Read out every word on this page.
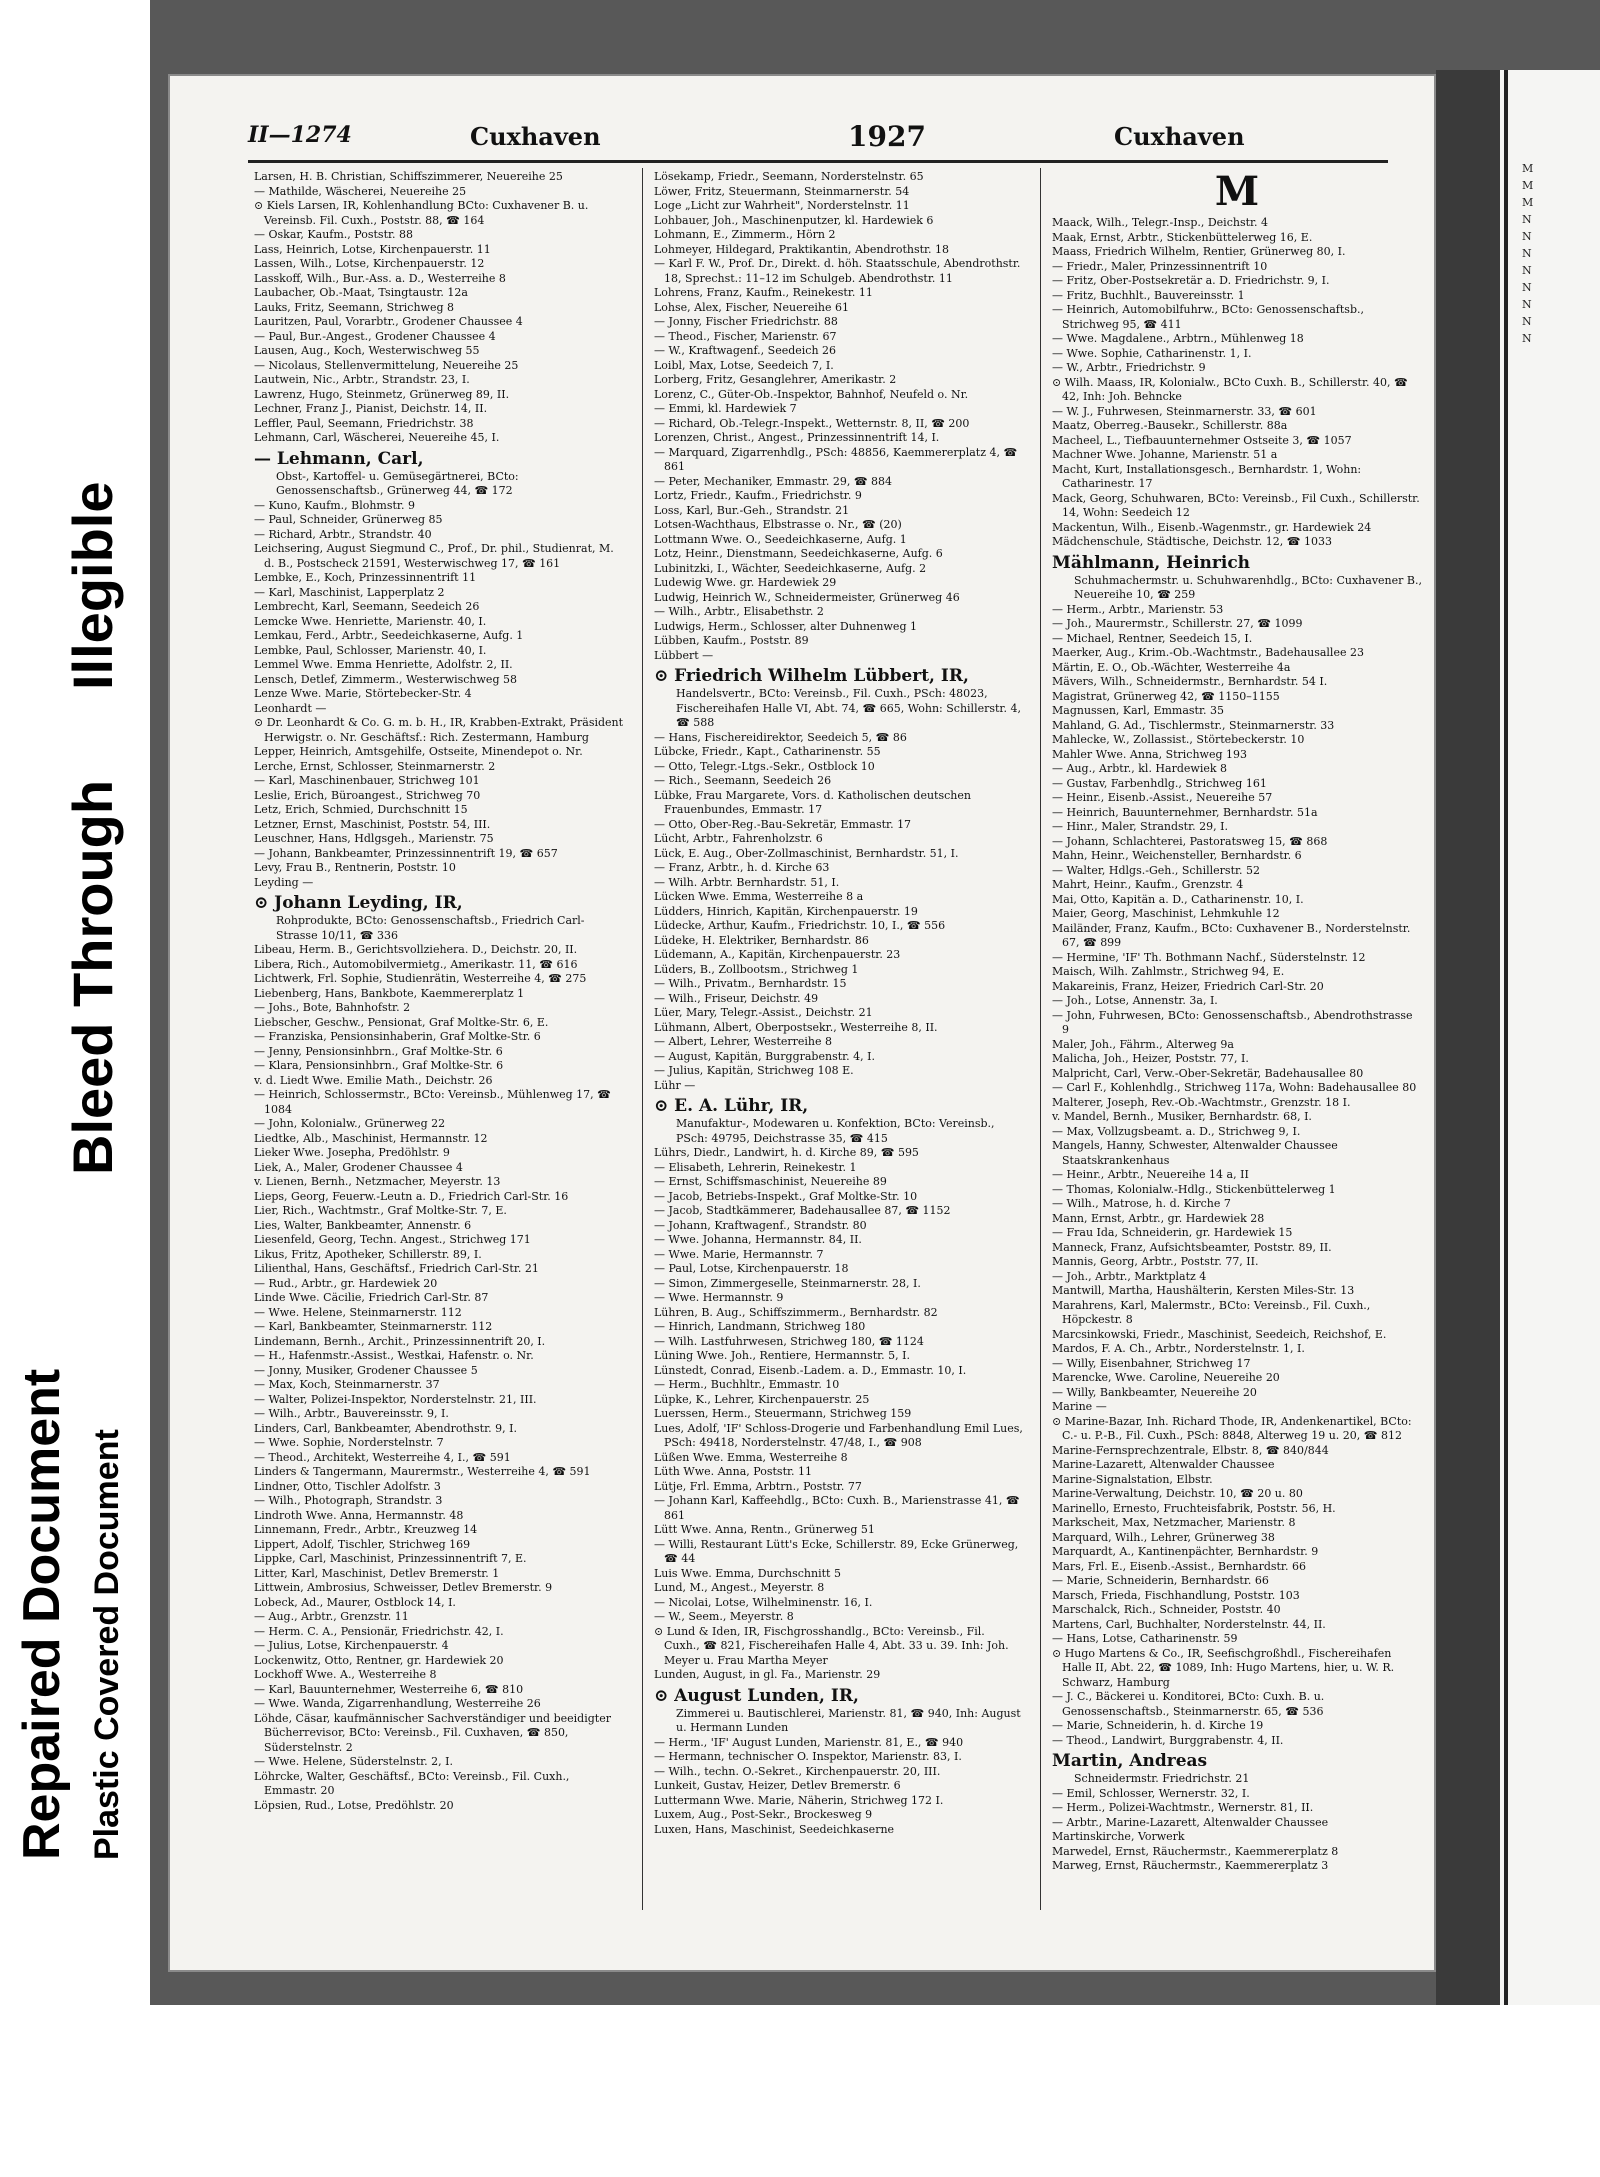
Repaired Document Plastic Covered Document
Bleed Through
Illegible
M
M
M
N
N
N
N
N
N
N
N
II—1274	Cuxhaven	1927	Cuxhaven

Larsen, H. B. Christian, Schiffszimmerer, Neuereihe 25

— Mathilde, Wäscherei, Neuereihe 25

⊙ Kiels Larsen, IR, Kohlenhandlung BCto: Cuxhavener B. u. Vereinsb. Fil. Cuxh., Poststr. 88, ☎ 164

— Oskar, Kaufm., Poststr. 88

Lass, Heinrich, Lotse, Kirchenpauerstr. 11

Lassen, Wilh., Lotse, Kirchenpauerstr. 12

Lasskoff, Wilh., Bur.-Ass. a. D., Westerreihe 8

Laubacher, Ob.-Maat, Tsingtaustr. 12a

Lauks, Fritz, Seemann, Strichweg 8

Lauritzen, Paul, Vorarbtr., Grodener Chaussee 4

— Paul, Bur.-Angest., Grodener Chaussee 4

Lausen, Aug., Koch, Westerwischweg 55

— Nicolaus, Stellenvermittelung, Neuereihe 25

Lautwein, Nic., Arbtr., Strandstr. 23, I.

Lawrenz, Hugo, Steinmetz, Grünerweg 89, II.

Lechner, Franz J., Pianist, Deichstr. 14, II.

Leffler, Paul, Seemann, Friedrichstr. 38

Lehmann, Carl, Wäscherei, Neuereihe 45, I.

— Lehmann, Carl,

Obst-, Kartoffel- u. Gemüsegärtnerei, BCto: Genossenschaftsb., Grünerweg 44, ☎ 172

— Kuno, Kaufm., Blohmstr. 9

— Paul, Schneider, Grünerweg 85

— Richard, Arbtr., Strandstr. 40

Leichsering, August Siegmund C., Prof., Dr. phil., Studienrat, M. d. B., Postscheck 21591, Westerwischweg 17, ☎ 161

Lembke, E., Koch, Prinzessinnentrift 11

— Karl, Maschinist, Lapperplatz 2

Lembrecht, Karl, Seemann, Seedeich 26

Lemcke Wwe. Henriette, Marienstr. 40, I.

Lemkau, Ferd., Arbtr., Seedeichkaserne, Aufg. 1

Lembke, Paul, Schlosser, Marienstr. 40, I.

Lemmel Wwe. Emma Henriette, Adolfstr. 2, II.

Lensch, Detlef, Zimmerm., Westerwischweg 58

Lenze Wwe. Marie, Störtebecker-Str. 4

Leonhardt —

⊙ Dr. Leonhardt & Co. G. m. b. H., IR, Krabben-Extrakt, Präsident Herwigstr. o. Nr. Geschäftsf.: Rich. Zestermann, Hamburg

Lepper, Heinrich, Amtsgehilfe, Ostseite, Minendepot o. Nr.

Lerche, Ernst, Schlosser, Steinmarnerstr. 2

— Karl, Maschinenbauer, Strichweg 101

Leslie, Erich, Büroangest., Strichweg 70

Letz, Erich, Schmied, Durchschnitt 15

Letzner, Ernst, Maschinist, Poststr. 54, III.

Leuschner, Hans, Hdlgsgeh., Marienstr. 75

— Johann, Bankbeamter, Prinzessinnentrift 19, ☎ 657

Levy, Frau B., Rentnerin, Poststr. 10

Leyding —

⊙ Johann Leyding, IR,

Rohprodukte, BCto: Genossenschaftsb., Friedrich Carl-Strasse 10/11, ☎ 336

Libeau, Herm. B., Gerichtsvollziehera. D., Deichstr. 20, II.

Libera, Rich., Automobilvermietg., Amerikastr. 11, ☎ 616

Lichtwerk, Frl. Sophie, Studienrätin, Westerreihe 4, ☎ 275

Liebenberg, Hans, Bankbote, Kaemmererplatz 1

— Johs., Bote, Bahnhofstr. 2

Liebscher, Geschw., Pensionat, Graf Moltke-Str. 6, E.

— Franziska, Pensionsinhaberin, Graf Moltke-Str. 6

— Jenny, Pensionsinhbrn., Graf Moltke-Str. 6

— Klara, Pensionsinhbrn., Graf Moltke-Str. 6

v. d. Liedt Wwe. Emilie Math., Deichstr. 26

— Heinrich, Schlossermstr., BCto: Vereinsb., Mühlenweg 17, ☎ 1084

— John, Kolonialw., Grünerweg 22

Liedtke, Alb., Maschinist, Hermannstr. 12

Lieker Wwe. Josepha, Predöhlstr. 9

Liek, A., Maler, Grodener Chaussee 4

v. Lienen, Bernh., Netzmacher, Meyerstr. 13

Lieps, Georg, Feuerw.-Leutn a. D., Friedrich Carl-Str. 16

Lier, Rich., Wachtmstr., Graf Moltke-Str. 7, E.

Lies, Walter, Bankbeamter, Annenstr. 6

Liesenfeld, Georg, Techn. Angest., Strichweg 171

Likus, Fritz, Apotheker, Schillerstr. 89, I.

Lilienthal, Hans, Geschäftsf., Friedrich Carl-Str. 21

— Rud., Arbtr., gr. Hardewiek 20

Linde Wwe. Cäcilie, Friedrich Carl-Str. 87

— Wwe. Helene, Steinmarnerstr. 112

— Karl, Bankbeamter, Steinmarnerstr. 112

Lindemann, Bernh., Archit., Prinzessinnentrift 20, I.

— H., Hafenmstr.-Assist., Westkai, Hafenstr. o. Nr.

— Jonny, Musiker, Grodener Chaussee 5

— Max, Koch, Steinmarnerstr. 37

— Walter, Polizei-Inspektor, Norderstelnstr. 21, III.

— Wilh., Arbtr., Bauvereinsstr. 9, I.

Linders, Carl, Bankbeamter, Abendrothstr. 9, I.

— Wwe. Sophie, Norderstelnstr. 7

— Theod., Architekt, Westerreihe 4, I., ☎ 591

Linders & Tangermann, Maurermstr., Westerreihe 4, ☎ 591

Lindner, Otto, Tischler Adolfstr. 3

— Wilh., Photograph, Strandstr. 3

Lindroth Wwe. Anna, Hermannstr. 48

Linnemann, Fredr., Arbtr., Kreuzweg 14

Lippert, Adolf, Tischler, Strichweg 169

Lippke, Carl, Maschinist, Prinzessinnentrift 7, E.

Litter, Karl, Maschinist, Detlev Bremerstr. 1

Littwein, Ambrosius, Schweisser, Detlev Bremerstr. 9

Lobeck, Ad., Maurer, Ostblock 14, I.

— Aug., Arbtr., Grenzstr. 11

— Herm. C. A., Pensionär, Friedrichstr. 42, I.

— Julius, Lotse, Kirchenpauerstr. 4

Lockenwitz, Otto, Rentner, gr. Hardewiek 20

Lockhoff Wwe. A., Westerreihe 8

— Karl, Bauunternehmer, Westerreihe 6, ☎ 810

— Wwe. Wanda, Zigarrenhandlung, Westerreihe 26

Löhde, Cäsar, kaufmännischer Sachverständiger und beeidigter Bücherrevisor, BCto: Vereinsb., Fil. Cuxhaven, ☎ 850, Süderstelnstr. 2

— Wwe. Helene, Süderstelnstr. 2, I.

Löhrcke, Walter, Geschäftsf., BCto: Vereinsb., Fil. Cuxh., Emmastr. 20

Löpsien, Rud., Lotse, Predöhlstr. 20

Lösekamp, Friedr., Seemann, Norderstelnstr. 65

Löwer, Fritz, Steuermann, Steinmarnerstr. 54

Loge „Licht zur Wahrheit", Norderstelnstr. 11

Lohbauer, Joh., Maschinenputzer, kl. Hardewiek 6

Lohmann, E., Zimmerm., Hörn 2

Lohmeyer, Hildegard, Praktikantin, Abendrothstr. 18

— Karl F. W., Prof. Dr., Direkt. d. höh. Staatsschule, Abendrothstr. 18, Sprechst.: 11–12 im Schulgeb. Abendrothstr. 11

Lohrens, Franz, Kaufm., Reinekestr. 11

Lohse, Alex, Fischer, Neuereihe 61

— Jonny, Fischer Friedrichstr. 88

— Theod., Fischer, Marienstr. 67

— W., Kraftwagenf., Seedeich 26

Loibl, Max, Lotse, Seedeich 7, I.

Lorberg, Fritz, Gesanglehrer, Amerikastr. 2

Lorenz, C., Güter-Ob.-Inspektor, Bahnhof, Neufeld o. Nr.

— Emmi, kl. Hardewiek 7

— Richard, Ob.-Telegr.-Inspekt., Wetternstr. 8, II, ☎ 200

Lorenzen, Christ., Angest., Prinzessinnentrift 14, I.

— Marquard, Zigarrenhdlg., PSch: 48856, Kaemmererplatz 4, ☎ 861

— Peter, Mechaniker, Emmastr. 29, ☎ 884

Lortz, Friedr., Kaufm., Friedrichstr. 9

Loss, Karl, Bur.-Geh., Strandstr. 21

Lotsen-Wachthaus, Elbstrasse o. Nr., ☎ (20)

Lottmann Wwe. O., Seedeichkaserne, Aufg. 1

Lotz, Heinr., Dienstmann, Seedeichkaserne, Aufg. 6

Lubinitzki, I., Wächter, Seedeichkaserne, Aufg. 2

Ludewig Wwe. gr. Hardewiek 29

Ludwig, Heinrich W., Schneidermeister, Grünerweg 46

— Wilh., Arbtr., Elisabethstr. 2

Ludwigs, Herm., Schlosser, alter Duhnenweg 1

Lübben, Kaufm., Poststr. 89

Lübbert —

⊙ Friedrich Wilhelm Lübbert, IR,

Handelsvertr., BCto: Vereinsb., Fil. Cuxh., PSch: 48023, Fischereihafen Halle VI, Abt. 74, ☎ 665, Wohn: Schillerstr. 4, ☎ 588

— Hans, Fischereidirektor, Seedeich 5, ☎ 86

Lübcke, Friedr., Kapt., Catharinenstr. 55

— Otto, Telegr.-Ltgs.-Sekr., Ostblock 10

— Rich., Seemann, Seedeich 26

Lübke, Frau Margarete, Vors. d. Katholischen deutschen Frauenbundes, Emmastr. 17

— Otto, Ober-Reg.-Bau-Sekretär, Emmastr. 17

Lücht, Arbtr., Fahrenholzstr. 6

Lück, E. Aug., Ober-Zollmaschinist, Bernhardstr. 51, I.

— Franz, Arbtr., h. d. Kirche 63

— Wilh. Arbtr. Bernhardstr. 51, I.

Lücken Wwe. Emma, Westerreihe 8 a

Lüdders, Hinrich, Kapitän, Kirchenpauerstr. 19

Lüdecke, Arthur, Kaufm., Friedrichstr. 10, I., ☎ 556

Lüdeke, H. Elektriker, Bernhardstr. 86

Lüdemann, A., Kapitän, Kirchenpauerstr. 23

Lüders, B., Zollbootsm., Strichweg 1

— Wilh., Privatm., Bernhardstr. 15

— Wilh., Friseur, Deichstr. 49

Lüer, Mary, Telegr.-Assist., Deichstr. 21

Lühmann, Albert, Oberpostsekr., Westerreihe 8, II.

— Albert, Lehrer, Westerreihe 8

— August, Kapitän, Burggrabenstr. 4, I.

— Julius, Kapitän, Strichweg 108 E.

Lühr —

⊙ E. A. Lühr, IR,

Manufaktur-, Modewaren u. Konfektion, BCto: Vereinsb., PSch: 49795, Deichstrasse 35, ☎ 415

Lührs, Diedr., Landwirt, h. d. Kirche 89, ☎ 595

— Elisabeth, Lehrerin, Reinekestr. 1

— Ernst, Schiffsmaschinist, Neuereihe 89

— Jacob, Betriebs-Inspekt., Graf Moltke-Str. 10

— Jacob, Stadtkämmerer, Badehausallee 87, ☎ 1152

— Johann, Kraftwagenf., Strandstr. 80

— Wwe. Johanna, Hermannstr. 84, II.

— Wwe. Marie, Hermannstr. 7

— Paul, Lotse, Kirchenpauerstr. 18

— Simon, Zimmergeselle, Steinmarnerstr. 28, I.

— Wwe. Hermannstr. 9

Lühren, B. Aug., Schiffszimmerm., Bernhardstr. 82

— Hinrich, Landmann, Strichweg 180

— Wilh. Lastfuhrwesen, Strichweg 180, ☎ 1124

Lüning Wwe. Joh., Rentiere, Hermannstr. 5, I.

Lünstedt, Conrad, Eisenb.-Ladem. a. D., Emmastr. 10, I.

— Herm., Buchhltr., Emmastr. 10

Lüpke, K., Lehrer, Kirchenpauerstr. 25

Luerssen, Herm., Steuermann, Strichweg 159

Lues, Adolf, 'IF' Schloss-Drogerie und Farbenhandlung Emil Lues, PSch: 49418, Norderstelnstr. 47/48, I., ☎ 908

Lüßen Wwe. Emma, Westerreihe 8

Lüth Wwe. Anna, Poststr. 11

Lütje, Frl. Emma, Arbtrn., Poststr. 77

— Johann Karl, Kaffeehdlg., BCto: Cuxh. B., Marienstrasse 41, ☎ 861

Lütt Wwe. Anna, Rentn., Grünerweg 51

— Willi, Restaurant Lütt's Ecke, Schillerstr. 89, Ecke Grünerweg, ☎ 44

Luis Wwe. Emma, Durchschnitt 5

Lund, M., Angest., Meyerstr. 8

— Nicolai, Lotse, Wilhelminenstr. 16, I.

— W., Seem., Meyerstr. 8

⊙ Lund & Iden, IR, Fischgrosshandlg., BCto: Vereinsb., Fil. Cuxh., ☎ 821, Fischereihafen Halle 4, Abt. 33 u. 39. Inh: Joh. Meyer u. Frau Martha Meyer

Lunden, August, in gl. Fa., Marienstr. 29

⊙ August Lunden, IR,

Zimmerei u. Bautischlerei, Marienstr. 81, ☎ 940, Inh: August u. Hermann Lunden

— Herm., 'IF' August Lunden, Marienstr. 81, E., ☎ 940

— Hermann, technischer O. Inspektor, Marienstr. 83, I.

— Wilh., techn. O.-Sekret., Kirchenpauerstr. 20, III.

Lunkeit, Gustav, Heizer, Detlev Bremerstr. 6

Luttermann Wwe. Marie, Näherin, Strichweg 172 I.

Luxem, Aug., Post-Sekr., Brockesweg 9

Luxen, Hans, Maschinist, Seedeichkaserne

M

Maack, Wilh., Telegr.-Insp., Deichstr. 4

Maak, Ernst, Arbtr., Stickenbüttelerweg 16, E.

Maass, Friedrich Wilhelm, Rentier, Grünerweg 80, I.

— Friedr., Maler, Prinzessinnentrift 10

— Fritz, Ober-Postsekretär a. D. Friedrichstr. 9, I.

— Fritz, Buchhlt., Bauvereinsstr. 1

— Heinrich, Automobilfuhrw., BCto: Genossenschaftsb., Strichweg 95, ☎ 411

— Wwe. Magdalene., Arbtrn., Mühlenweg 18

— Wwe. Sophie, Catharinenstr. 1, I.

— W., Arbtr., Friedrichstr. 9

⊙ Wilh. Maass, IR, Kolonialw., BCto Cuxh. B., Schillerstr. 40, ☎ 42, Inh: Joh. Behncke

— W. J., Fuhrwesen, Steinmarnerstr. 33, ☎ 601

Maatz, Oberreg.-Bausekr., Schillerstr. 88a

Macheel, L., Tiefbauunternehmer Ostseite 3, ☎ 1057

Machner Wwe. Johanne, Marienstr. 51 a

Macht, Kurt, Installationsgesch., Bernhardstr. 1, Wohn: Catharinestr. 17

Mack, Georg, Schuhwaren, BCto: Vereinsb., Fil Cuxh., Schillerstr. 14, Wohn: Seedeich 12

Mackentun, Wilh., Eisenb.-Wagenmstr., gr. Hardewiek 24

Mädchenschule, Städtische, Deichstr. 12, ☎ 1033

Mählmann, Heinrich

Schuhmachermstr. u. Schuhwarenhdlg., BCto: Cuxhavener B., Neuereihe 10, ☎ 259

— Herm., Arbtr., Marienstr. 53

— Joh., Maurermstr., Schillerstr. 27, ☎ 1099

— Michael, Rentner, Seedeich 15, I.

Maerker, Aug., Krim.-Ob.-Wachtmstr., Badehausallee 23

Märtin, E. O., Ob.-Wächter, Westerreihe 4a

Mävers, Wilh., Schneidermstr., Bernhardstr. 54 I.

Magistrat, Grünerweg 42, ☎ 1150–1155

Magnussen, Karl, Emmastr. 35

Mahland, G. Ad., Tischlermstr., Steinmarnerstr. 33

Mahlecke, W., Zollassist., Störtebeckerstr. 10

Mahler Wwe. Anna, Strichweg 193

— Aug., Arbtr., kl. Hardewiek 8

— Gustav, Farbenhdlg., Strichweg 161

— Heinr., Eisenb.-Assist., Neuereihe 57

— Heinrich, Bauunternehmer, Bernhardstr. 51a

— Hinr., Maler, Strandstr. 29, I.

— Johann, Schlachterei, Pastoratsweg 15, ☎ 868

Mahn, Heinr., Weichensteller, Bernhardstr. 6

— Walter, Hdlgs.-Geh., Schillerstr. 52

Mahrt, Heinr., Kaufm., Grenzstr. 4

Mai, Otto, Kapitän a. D., Catharinenstr. 10, I.

Maier, Georg, Maschinist, Lehmkuhle 12

Mailänder, Franz, Kaufm., BCto: Cuxhavener B., Norderstelnstr. 67, ☎ 899

— Hermine, 'IF' Th. Bothmann Nachf., Süderstelnstr. 12

Maisch, Wilh. Zahlmstr., Strichweg 94, E.

Makareinis, Franz, Heizer, Friedrich Carl-Str. 20

— Joh., Lotse, Annenstr. 3a, I.

— John, Fuhrwesen, BCto: Genossenschaftsb., Abendrothstrasse 9

Maler, Joh., Fährm., Alterweg 9a

Malicha, Joh., Heizer, Poststr. 77, I.

Malpricht, Carl, Verw.-Ober-Sekretär, Badehausallee 80

— Carl F., Kohlenhdlg., Strichweg 117a, Wohn: Badehausallee 80

Malterer, Joseph, Rev.-Ob.-Wachtmstr., Grenzstr. 18 I.

v. Mandel, Bernh., Musiker, Bernhardstr. 68, I.

— Max, Vollzugsbeamt. a. D., Strichweg 9, I.

Mangels, Hanny, Schwester, Altenwalder Chaussee Staatskrankenhaus

— Heinr., Arbtr., Neuereihe 14 a, II

— Thomas, Kolonialw.-Hdlg., Stickenbüttelerweg 1

— Wilh., Matrose, h. d. Kirche 7

Mann, Ernst, Arbtr., gr. Hardewiek 28

— Frau Ida, Schneiderin, gr. Hardewiek 15

Manneck, Franz, Aufsichtsbeamter, Poststr. 89, II.

Mannis, Georg, Arbtr., Poststr. 77, II.

— Joh., Arbtr., Marktplatz 4

Mantwill, Martha, Haushälterin, Kersten Miles-Str. 13

Marahrens, Karl, Malermstr., BCto: Vereinsb., Fil. Cuxh., Höpckestr. 8

Marcsinkowski, Friedr., Maschinist, Seedeich, Reichshof, E.

Mardos, F. A. Ch., Arbtr., Norderstelnstr. 1, I.

— Willy, Eisenbahner, Strichweg 17

Marencke, Wwe. Caroline, Neuereihe 20

— Willy, Bankbeamter, Neuereihe 20

Marine —

⊙ Marine-Bazar, Inh. Richard Thode, IR, Andenkenartikel, BCto: C.- u. P.-B., Fil. Cuxh., PSch: 8848, Alterweg 19 u. 20, ☎ 812

Marine-Fernsprechzentrale, Elbstr. 8, ☎ 840/844

Marine-Lazarett, Altenwalder Chaussee

Marine-Signalstation, Elbstr.

Marine-Verwaltung, Deichstr. 10, ☎ 20 u. 80

Marinello, Ernesto, Fruchteisfabrik, Poststr. 56, H.

Markscheit, Max, Netzmacher, Marienstr. 8

Marquard, Wilh., Lehrer, Grünerweg 38

Marquardt, A., Kantinenpächter, Bernhardstr. 9

Mars, Frl. E., Eisenb.-Assist., Bernhardstr. 66

— Marie, Schneiderin, Bernhardstr. 66

Marsch, Frieda, Fischhandlung, Poststr. 103

Marschalck, Rich., Schneider, Poststr. 40

Martens, Carl, Buchhalter, Norderstelnstr. 44, II.

— Hans, Lotse, Catharinenstr. 59

⊙ Hugo Martens & Co., IR, Seefischgroßhdl., Fischereihafen Halle II, Abt. 22, ☎ 1089, Inh: Hugo Martens, hier, u. W. R. Schwarz, Hamburg

— J. C., Bäckerei u. Konditorei, BCto: Cuxh. B. u. Genossenschaftsb., Steinmarnerstr. 65, ☎ 536

— Marie, Schneiderin, h. d. Kirche 19

— Theod., Landwirt, Burggrabenstr. 4, II.

Martin, Andreas

Schneidermstr. Friedrichstr. 21

— Emil, Schlosser, Wernerstr. 32, I.

— Herm., Polizei-Wachtmstr., Wernerstr. 81, II.

— Arbtr., Marine-Lazarett, Altenwalder Chaussee

Martinskirche, Vorwerk

Marwedel, Ernst, Räuchermstr., Kaemmererplatz 8

Marweg, Ernst, Räuchermstr., Kaemmererplatz 3
